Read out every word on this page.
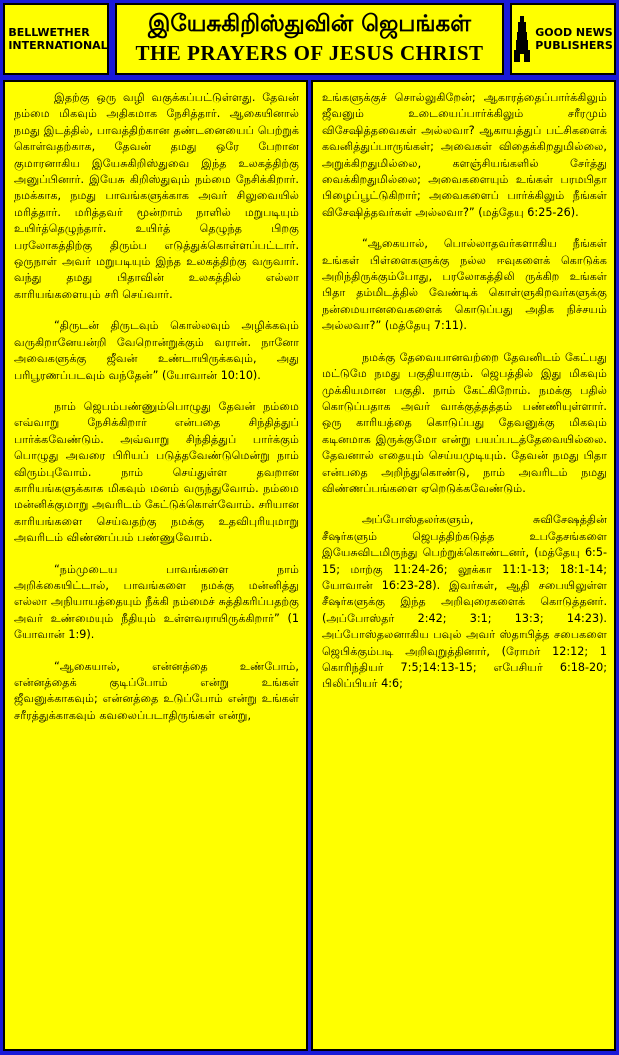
BELLWETHER
INTERNATIONAL
இயேசுகிறிஸ்துவின் ஜெபங்கள்
THE PRAYERS OF JESUS CHRIST
GOOD NEWS
PUBLISHERS

இதற்கு ஒரு வழி வகுக்கப்பட்டுள்ளது. தேவன் நம்மை மிகவும் அதிகமாக நேசித்தார். ஆகையினால் நமது இடத்தில், பாவத்திற்கான தண்டனையைப் பெற்றுக் கொள்வதற்காக, தேவன் தமது ஒரே பேறான குமாரனாகிய இயேசுகிறிஸ்துவை இந்த உலகத்திற்கு அனுப்பினார். இயேசு கிறிஸ்துவும் நம்மை நேசிக்கிறார். நமக்காக, நமது பாவங்களுக்காக அவர் சிலுவையில் மரித்தார். மரித்தவர் மூன்றாம் நாளில் மறுபடியும் உயிர்த்தெழுந்தார். உயிர்த் தெழுந்த பிறகு பரலோகத்திற்கு திரும்ப எடுத்துக்கொள்ளப்பட்டார். ஒருநாள் அவர் மறுபடியும் இந்த உலகத்திற்கு வருவார். வந்து தமது பிதாவின் உலகத்தில் எல்லா காரியங்களையும் சரி செய்வார்.

“திருடன் திருடவும் கொல்லவும் அழிக்கவும் வருகிறானேயன்றி வேறொன்றுக்கும் வரான். நானோ அவைகளுக்கு ஜீவன் உண்டாயிருக்கவும், அது பரிபூரணப்படவும் வந்தேன்” (யோவான் 10:10).

நாம் ஜெபம்பண்ணும்பொழுது தேவன் நம்மை எவ்வாறு நேசிக்கிறார் என்பதை சிந்தித்துப் பார்க்கவேண்டும். அவ்வாறு சிந்தித்துப் பார்க்கும் பொழுது அவரை பிரியப் படுத்தவேண்டுமென்று நாம் விரும்புவோம். நாம் செய்துள்ள தவறான காரியங்களுக்காக மிகவும் மனம் வருந்துவோம். நம்மை மன்னிக்குமாறு அவரிடம் கேட்டுக்கொள்வோம். சரியான காரியங்களை செய்வதற்கு நமக்கு உதவிபுரியுமாறு அவரிடம் விண்ணப்பம் பண்ணுவோம்.

“நம்முடைய பாவங்களை நாம் அறிக்கையிட்டால், பாவங்களை நமக்கு மன்னித்து எல்லா அநியாயத்தையும் நீக்கி நம்மைச் சுத்திகரிப்பதற்கு அவர் உண்மையும் நீதியும் உள்ளவராயிருக்கிறார்” (1 யோவான் 1:9).

“ஆகையால், என்னத்தை உண்போம், என்னத்தைக் குடிப்போம் என்று உங்கள் ஜீவனுக்காகவும்; என்னத்தை உடுப்போம் என்று உங்கள் சரீரத்துக்காகவும் கவலைப்படாதிருங்கள் என்று,

உங்களுக்குச் சொல்லுகிறேன்; ஆகாரத்தைப்பார்க்கிலும் ஜீவனும் உடையைப்பார்க்கிலும் சரீரமும் விசேஷித்தவைகள் அல்லவா? ஆகாயத்துப் பட்சிகளைக் கவனித்துப்பாருங்கள்; அவைகள் விதைக்கிறதுமில்லை, அறுக்கிறதுமில்லை, களஞ்சியங்களில் சேர்த்து வைக்கிறதுமில்லை; அவைகளையும் உங்கள் பரமபிதா பிழைப்பூட்டுகிறார்; அவைகளைப் பார்க்கிலும் நீங்கள் விசேஷித்தவர்கள் அல்லவா?” (மத்தேயு 6:25-26).

“ஆகையால், பொல்லாதவர்களாகிய நீங்கள் உங்கள் பிள்ளைகளுக்கு நல்ல ஈவுகளைக் கொடுக்க அறிந்திருக்கும்போது, பரலோகத்திலி ருக்கிற உங்கள் பிதா தம்மிடத்தில் வேண்டிக் கொள்ளுகிறவர்களுக்கு நன்மையானவைகளைக் கொடுப்பது அதிக நிச்சயம் அல்லவா?” (மத்தேயு 7:11).

நமக்கு தேவையானவற்றை தேவனிடம் கேட்பது மட்டுமே நமது பகுதியாகும். ஜெபத்தில் இது மிகவும் முக்கியமான பகுதி. நாம் கேட்கிறோம். நமக்கு பதில் கொடுப்பதாக அவர் வாக்குத்தத்தம் பண்ணியுள்ளார். ஒரு காரியத்தை கொடுப்பது தேவனுக்கு மிகவும் கடினமாக இருக்குமோ என்று பயப்படத்தேவையில்லை. தேவனால் எதையும் செய்யமுடியும். தேவன் நமது பிதா என்பதை அறிந்துகொண்டு, நாம் அவரிடம் நமது விண்ணப்பங்களை ஏறெடுக்கவேண்டும்.

அப்போஸ்தலர்களும், சுவிசேஷத்தின் சீஷர்களும் ஜெபத்திற்கடுத்த உபதேசங்களை இயேசுவிடமிருந்து பெற்றுக்கொண்டனர், (மத்தேயு 6:5-15; மாற்கு 11:24-26; லூக்கா 11:1-13; 18:1-14; யோவான் 16:23-28). இவர்கள், ஆதி சபையிலுள்ள சீஷர்களுக்கு இந்த அறிவுரைகளைக் கொடுத்தனர். (அப்போஸ்தர் 2:42; 3:1; 13:3; 14:23). அப்போஸ்தலனாகிய பவுல் அவர் ஸ்தாபித்த சபைகளை ஜெபிக்கும்படி அறிவுறுத்தினார், (ரோமர் 12:12; 1 கொரிந்தியர் 7:5;14:13-15; எபேசியர் 6:18-20; பிலிப்பியர் 4:6;
